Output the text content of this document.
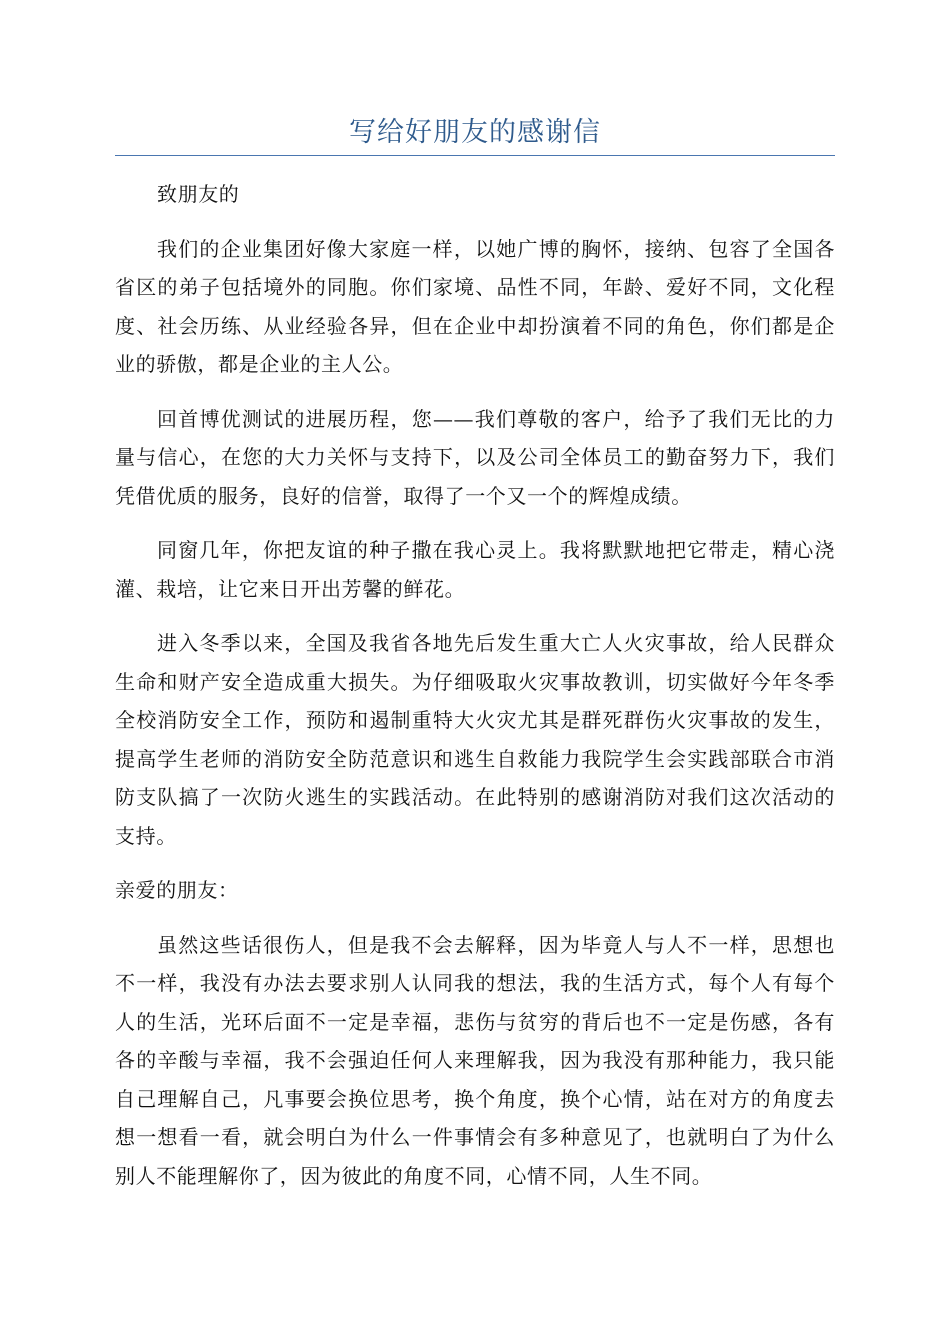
写给好朋友的感谢信

致朋友的

我们的企业集团好像大家庭一样，以她广博的胸怀，接纳、包容了全国各省区的弟子包括境外的同胞。你们家境、品性不同，年龄、爱好不同，文化程度、社会历练、从业经验各异，但在企业中却扮演着不同的角色，你们都是企业的骄傲，都是企业的主人公。

回首博优测试的进展历程，您——我们尊敬的客户，给予了我们无比的力量与信心，在您的大力关怀与支持下，以及公司全体员工的勤奋努力下，我们凭借优质的服务，良好的信誉，取得了一个又一个的辉煌成绩。

同窗几年，你把友谊的种子撒在我心灵上。我将默默地把它带走，精心浇灌、栽培，让它来日开出芳馨的鲜花。

进入冬季以来，全国及我省各地先后发生重大亡人火灾事故，给人民群众生命和财产安全造成重大损失。为仔细吸取火灾事故教训，切实做好今年冬季全校消防安全工作，预防和遏制重特大火灾尤其是群死群伤火灾事故的发生，提高学生老师的消防安全防范意识和逃生自救能力我院学生会实践部联合市消防支队搞了一次防火逃生的实践活动。在此特别的感谢消防对我们这次活动的支持。

亲爱的朋友：

虽然这些话很伤人，但是我不会去解释，因为毕竟人与人不一样，思想也不一样，我没有办法去要求别人认同我的想法，我的生活方式，每个人有每个人的生活，光环后面不一定是幸福，悲伤与贫穷的背后也不一定是伤感，各有各的辛酸与幸福，我不会强迫任何人来理解我，因为我没有那种能力，我只能自己理解自己，凡事要会换位思考，换个角度，换个心情，站在对方的角度去想一想看一看，就会明白为什么一件事情会有多种意见了，也就明白了为什么别人不能理解你了，因为彼此的角度不同，心情不同，人生不同。
